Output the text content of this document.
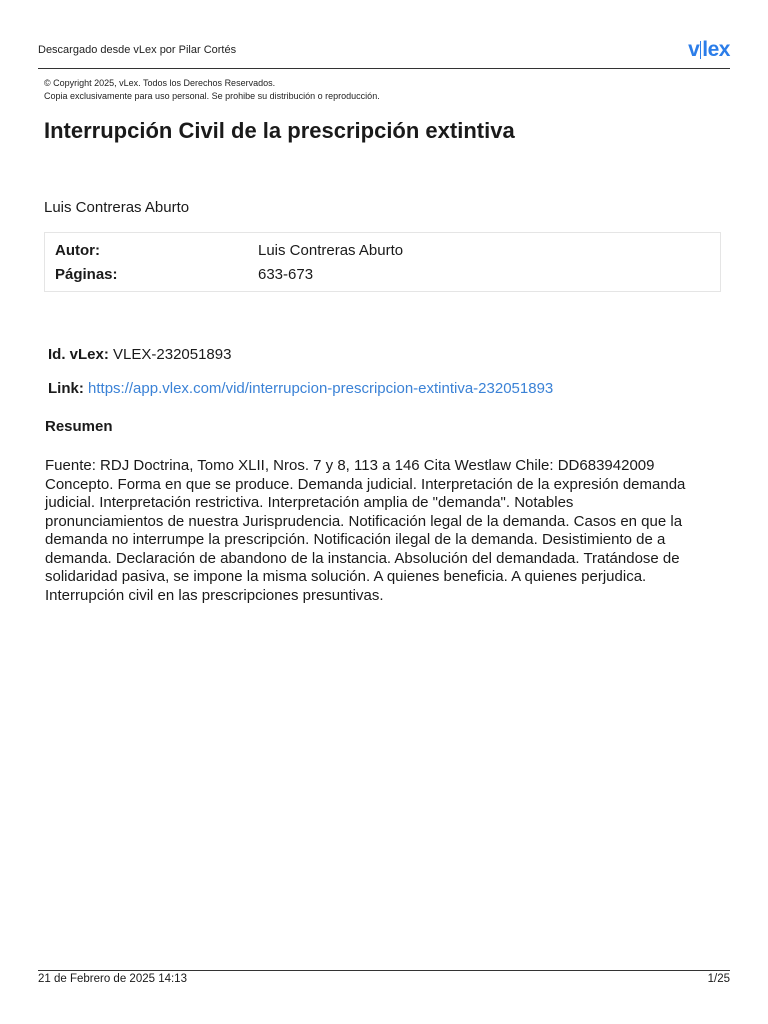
Descargado desde vLex por Pilar Cortés	v lex
© Copyright 2025, vLex. Todos los Derechos Reservados.
Copia exclusivamente para uso personal. Se prohibe su distribución o reproducción.
Interrupción Civil de la prescripción extintiva
Luis Contreras Aburto
Autor:	Luis Contreras Aburto
Páginas:	633-673
Id. vLex: VLEX-232051893
Link: https://app.vlex.com/vid/interrupcion-prescripcion-extintiva-232051893
Resumen
Fuente: RDJ Doctrina, Tomo XLII, Nros. 7 y 8, 113 a 146 Cita Westlaw Chile: DD683942009
Concepto. Forma en que se produce. Demanda judicial. Interpretación de la expresión demanda
judicial. Interpretación restrictiva. Interpretación amplia de "demanda". Notables
pronunciamientos de nuestra Jurisprudencia. Notificación legal de la demanda. Casos en que la
demanda no interrumpe la prescripción. Notificación ilegal de la demanda. Desistimiento de a
demanda. Declaración de abandono de la instancia. Absolución del demandada. Tratándose de
solidaridad pasiva, se impone la misma solución. A quienes beneficia. A quienes perjudica.
Interrupción civil en las prescripciones presuntivas.
21 de Febrero de 2025 14:13	1/25
